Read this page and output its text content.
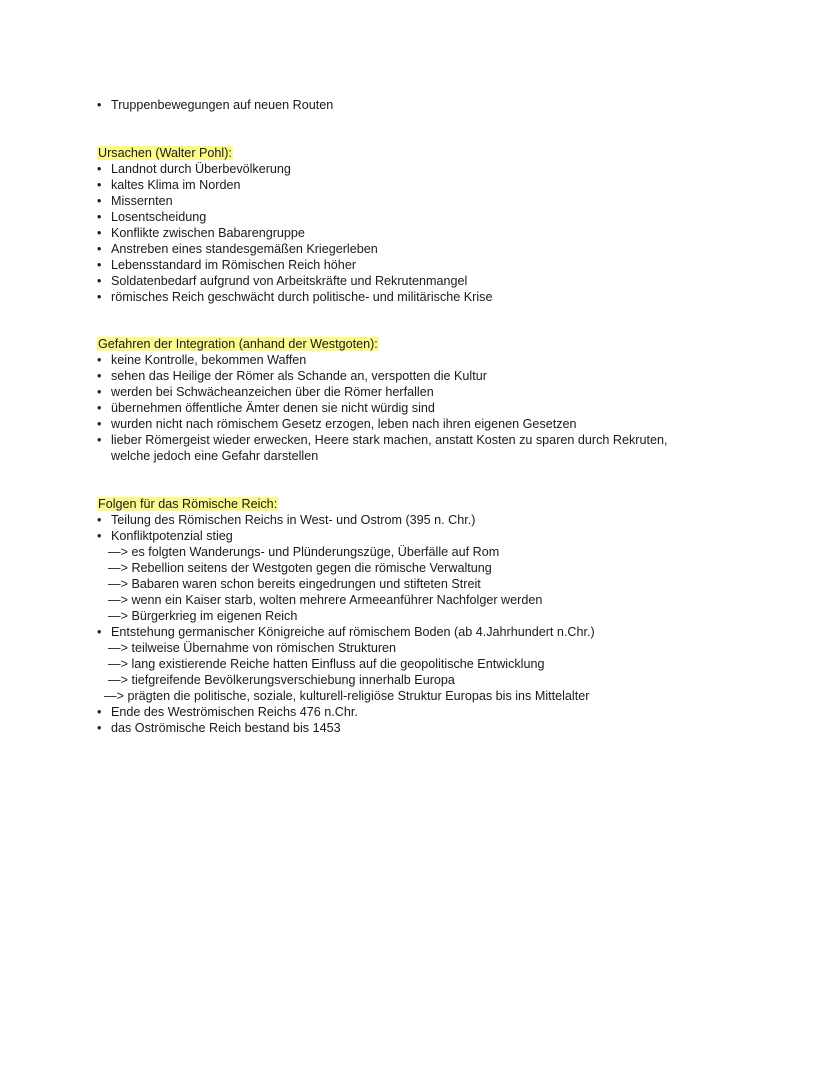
• Truppenbewegungen auf neuen Routen
Ursachen (Walter Pohl):
• Landnot durch Überbevölkerung
• kaltes Klima im Norden
• Missernten
• Losentscheidung
• Konflikte zwischen Babarengruppe
• Anstreben eines standesgemäßen Kriegerleben
• Lebensstandard im Römischen Reich höher
• Soldatenbedarf aufgrund von Arbeitskräfte und Rekrutenmangel
• römisches Reich geschwächt durch politische- und militärische Krise
Gefahren der Integration (anhand der Westgoten):
• keine Kontrolle, bekommen Waffen
• sehen das Heilige der Römer als Schande an, verspotten die Kultur
• werden bei Schwächeanzeichen über die Römer herfallen
• übernehmen öffentliche Ämter denen sie nicht würdig sind
• wurden nicht nach römischem Gesetz erzogen, leben nach ihren eigenen Gesetzen
• lieber Römergeist wieder erwecken, Heere stark machen, anstatt Kosten zu sparen durch Rekruten,
welche jedoch eine Gefahr darstellen
Folgen für das Römische Reich:
• Teilung des Römischen Reichs in West- und Ostrom (395 n. Chr.)
• Konfliktpotenzial stieg
—> es folgten Wanderungs- und Plünderungszüge, Überfälle auf Rom
—> Rebellion seitens der Westgoten gegen die römische Verwaltung
—> Babaren waren schon bereits eingedrungen und stifteten Streit
—> wenn ein Kaiser starb, wolten mehrere Armeeanführer Nachfolger werden
—> Bürgerkrieg im eigenen Reich
• Entstehung germanischer Königreiche auf römischem Boden (ab 4.Jahrhundert n.Chr.)
—> teilweise Übernahme von römischen Strukturen
—> lang existierende Reiche hatten Einfluss auf die geopolitische Entwicklung
—> tiefgreifende Bevölkerungsverschiebung innerhalb Europa
—> prägten die politische, soziale, kulturell-religiöse Struktur Europas bis ins Mittelalter
• Ende des Weströmischen Reichs 476 n.Chr.
• das Oströmische Reich bestand bis 1453
